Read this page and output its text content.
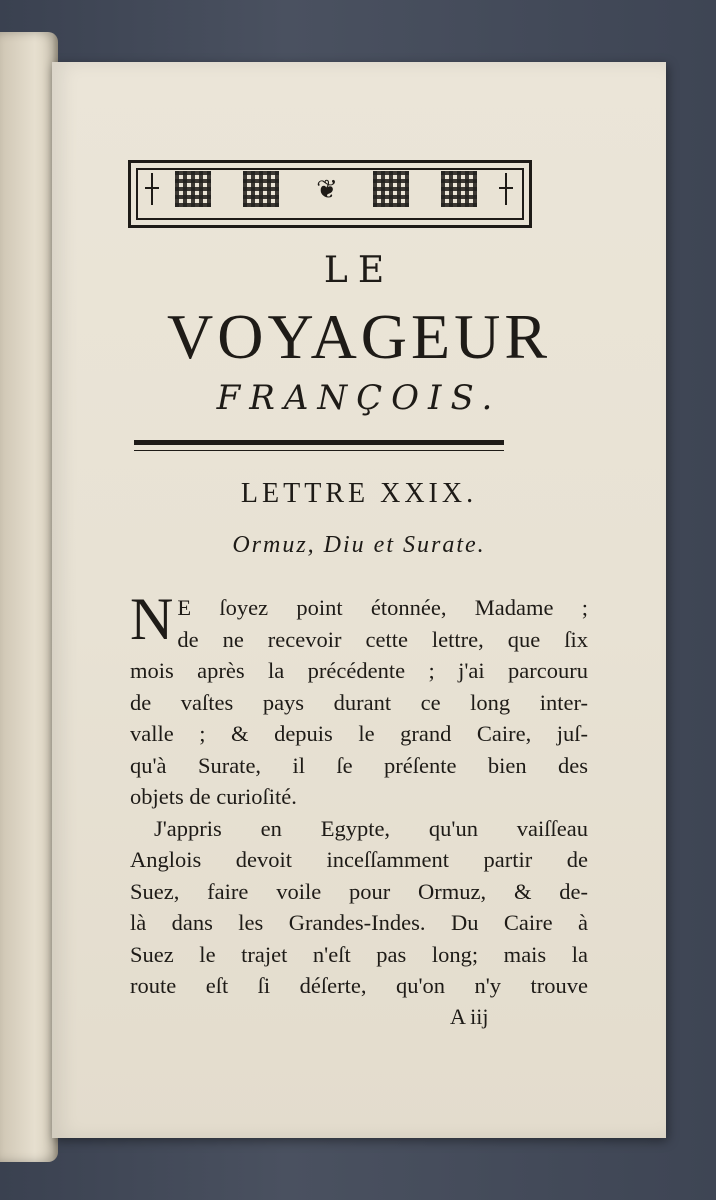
❦
LE
VOYAGEUR
FRANÇOIS.
LETTRE XXIX.
Ormuz, Diu et Surate.
N E ſoyez point étonnée, Madame ;
de ne recevoir cette lettre, que ſix
mois après la précédente ; j'ai parcouru
de vaſtes pays durant ce long inter-
valle ; & depuis le grand Caire, juſ-
qu'à Surate, il ſe préſente bien des
objets de curioſité.
J'appris en Egypte, qu'un vaiſſeau
Anglois devoit inceſſamment partir de
Suez, faire voile pour Ormuz, & de-
là dans les Grandes-Indes. Du Caire à
Suez le trajet n'eſt pas long; mais la
route eſt ſi déſerte, qu'on n'y trouve
A iij
